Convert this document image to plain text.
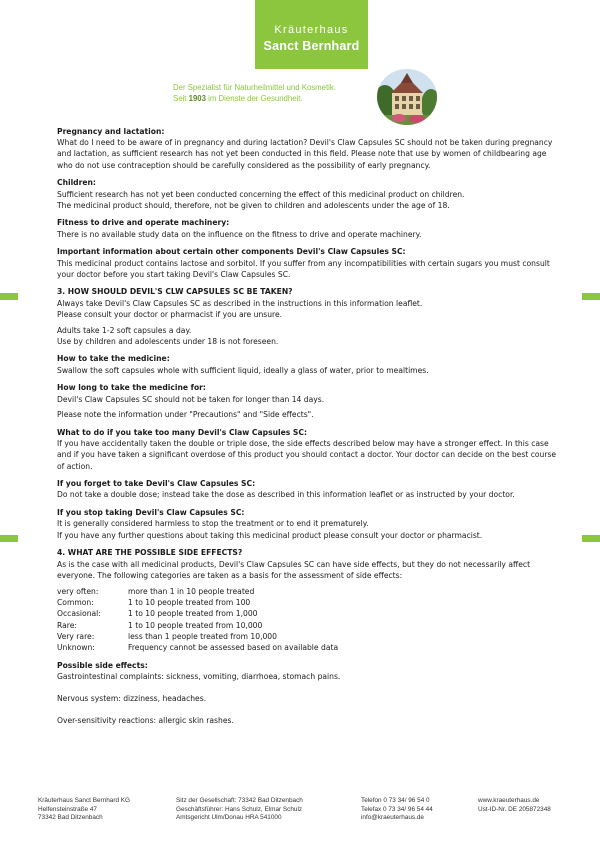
Kräuterhaus
Sanct Bernhard
Der Spezialist für Naturheilmittel und Kosmetik.
Seit 1903 im Dienste der Gesundheit.

Pregnancy and lactation:

What do I need to be aware of in pregnancy and during lactation? Devil's Claw Capsules SC should not be taken during pregnancy and lactation, as sufficient research has not yet been conducted in this field. Please note that use by women of childbearing age who do not use contraception should be carefully considered as the possibility of early pregnancy.

Children:

Sufficient research has not yet been conducted concerning the effect of this medicinal product on children.

The medicinal product should, therefore, not be given to children and adolescents under the age of 18.

Fitness to drive and operate machinery:

There is no available study data on the influence on the fitness to drive and operate machinery.

Important information about certain other components Devil's Claw Capsules SC:

This medicinal product contains lactose and sorbitol. If you suffer from any incompatibilities with certain sugars you must consult your doctor before you start taking Devil's Claw Capsules SC.

3. HOW SHOULD DEVIL'S CLW CAPSULES SC BE TAKEN?

Always take Devil's Claw Capsules SC as described in the instructions in this information leaflet.

Please consult your doctor or pharmacist if you are unsure.

Adults take 1-2 soft capsules a day.

Use by children and adolescents under 18 is not foreseen.

How to take the medicine:

Swallow the soft capsules whole with sufficient liquid, ideally a glass of water, prior to mealtimes.

How long to take the medicine for:

Devil's Claw Capsules SC should not be taken for longer than 14 days.

Please note the information under "Precautions" and "Side effects".

What to do if you take too many Devil's Claw Capsules SC:

If you have accidentally taken the double or triple dose, the side effects described below may have a stronger effect. In this case and if you have taken a significant overdose of this product you should contact a doctor. Your doctor can decide on the best course of action.

If you forget to take Devil's Claw Capsules SC:

Do not take a double dose; instead take the dose as described in this information leaflet or as instructed by your doctor.

If you stop taking Devil's Claw Capsules SC:

It is generally considered harmless to stop the treatment or to end it prematurely.

If you have any further questions about taking this medicinal product please consult your doctor or pharmacist.

4. WHAT ARE THE POSSIBLE SIDE EFFECTS?

As is the case with all medicinal products, Devil's Claw Capsules SC can have side effects, but they do not necessarily affect everyone. The following categories are taken as a basis for the assessment of side effects:

very often:	more than 1 in 10 people treated
Common:	1 to 10 people treated from 100
Occasional:	1 to 10 people treated from 1,000
Rare:	1 to 10 people treated from 10,000
Very rare:	less than 1 people treated from 10,000
Unknown:	Frequency cannot be assessed based on available data

Possible side effects:

Gastrointestinal complaints: sickness, vomiting, diarrhoea, stomach pains.

Nervous system: dizziness, headaches.

Over-sensitivity reactions: allergic skin rashes.

Kräuterhaus Sanct Bernhard KG
Helfensteinstraße 47
73342 Bad Ditzenbach
Sitz der Gesellschaft: 73342 Bad Ditzenbach
Geschäftsführer: Hans Schulz, Elmar Schulz
Amtsgericht Ulm/Donau HRA 541000
Telefon 0 73 34/ 96 54 0
Telefax 0 73 34/ 96 54 44
info@kraeuterhaus.de
www.kraeuterhaus.de
Ust-ID-Nr. DE 205872348
